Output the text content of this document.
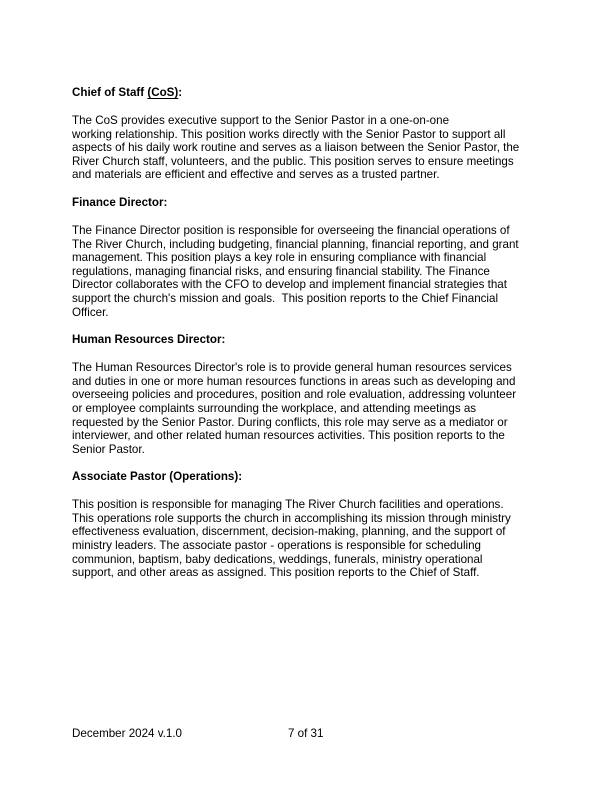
Chief of Staff (CoS):

The CoS provides executive support to the Senior Pastor in a one-on-one
working relationship. This position works directly with the Senior Pastor to support all
aspects of his daily work routine and serves as a liaison between the Senior Pastor, the
River Church staff, volunteers, and the public. This position serves to ensure meetings
and materials are efficient and effective and serves as a trusted partner.

Finance Director:

The Finance Director position is responsible for overseeing the financial operations of
The River Church, including budgeting, financial planning, financial reporting, and grant
management. This position plays a key role in ensuring compliance with financial
regulations, managing financial risks, and ensuring financial stability. The Finance
Director collaborates with the CFO to develop and implement financial strategies that
support the church's mission and goals.  This position reports to the Chief Financial
Officer.

Human Resources Director:

The Human Resources Director's role is to provide general human resources services
and duties in one or more human resources functions in areas such as developing and
overseeing policies and procedures, position and role evaluation, addressing volunteer
or employee complaints surrounding the workplace, and attending meetings as
requested by the Senior Pastor. During conflicts, this role may serve as a mediator or
interviewer, and other related human resources activities. This position reports to the
Senior Pastor.

Associate Pastor (Operations):

This position is responsible for managing The River Church facilities and operations.
This operations role supports the church in accomplishing its mission through ministry
effectiveness evaluation, discernment, decision-making, planning, and the support of
ministry leaders. The associate pastor - operations is responsible for scheduling
communion, baptism, baby dedications, weddings, funerals, ministry operational
support, and other areas as assigned. This position reports to the Chief of Staff.

December 2024 v.1.0	7 of 31
